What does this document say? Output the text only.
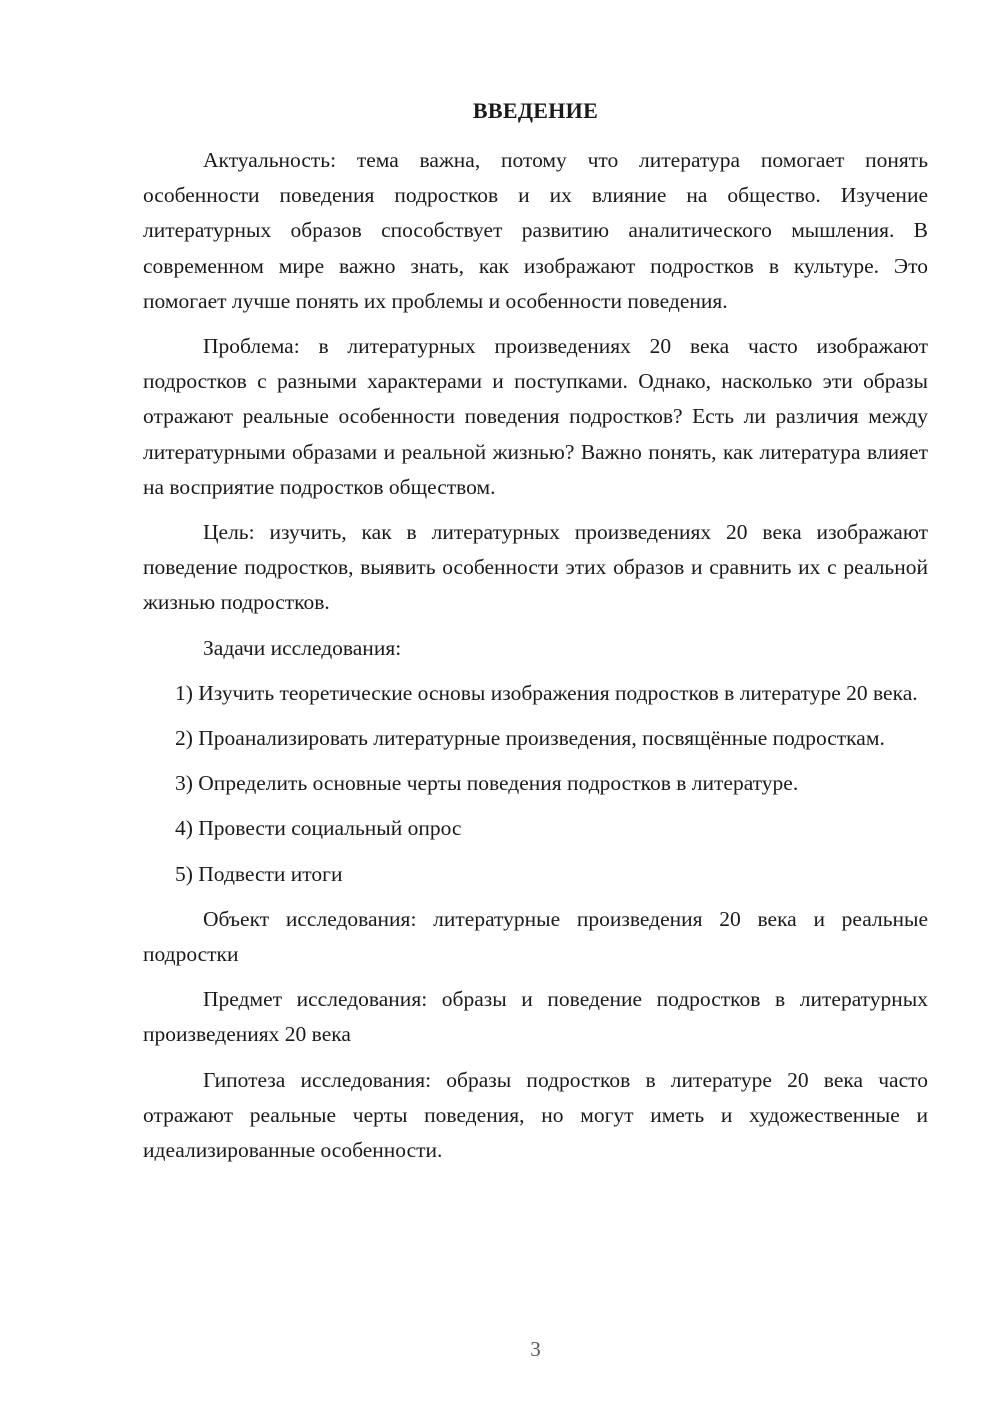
ВВЕДЕНИЕ

Актуальность: тема важна, потому что литература помогает понять особенности поведения подростков и их влияние на общество. Изучение литературных образов способствует развитию аналитического мышления. В современном мире важно знать, как изображают подростков в культуре. Это помогает лучше понять их проблемы и особенности поведения.

Проблема: в литературных произведениях 20 века часто изображают подростков с разными характерами и поступками. Однако, насколько эти образы отражают реальные особенности поведения подростков? Есть ли различия между литературными образами и реальной жизнью? Важно понять, как литература влияет на восприятие подростков обществом.

Цель: изучить, как в литературных произведениях 20 века изображают поведение подростков, выявить особенности этих образов и сравнить их с реальной жизнью подростков.

Задачи исследования:

1) Изучить теоретические основы изображения подростков в литературе 20 века.

2) Проанализировать литературные произведения, посвящённые подросткам.

3) Определить основные черты поведения подростков в литературе.

4) Провести социальный опрос

5) Подвести итоги

Объект исследования: литературные произведения 20 века и реальные подростки

Предмет исследования: образы и поведение подростков в литературных произведениях 20 века

Гипотеза исследования: образы подростков в литературе 20 века часто отражают реальные черты поведения, но могут иметь и художественные и идеализированные особенности.

3
